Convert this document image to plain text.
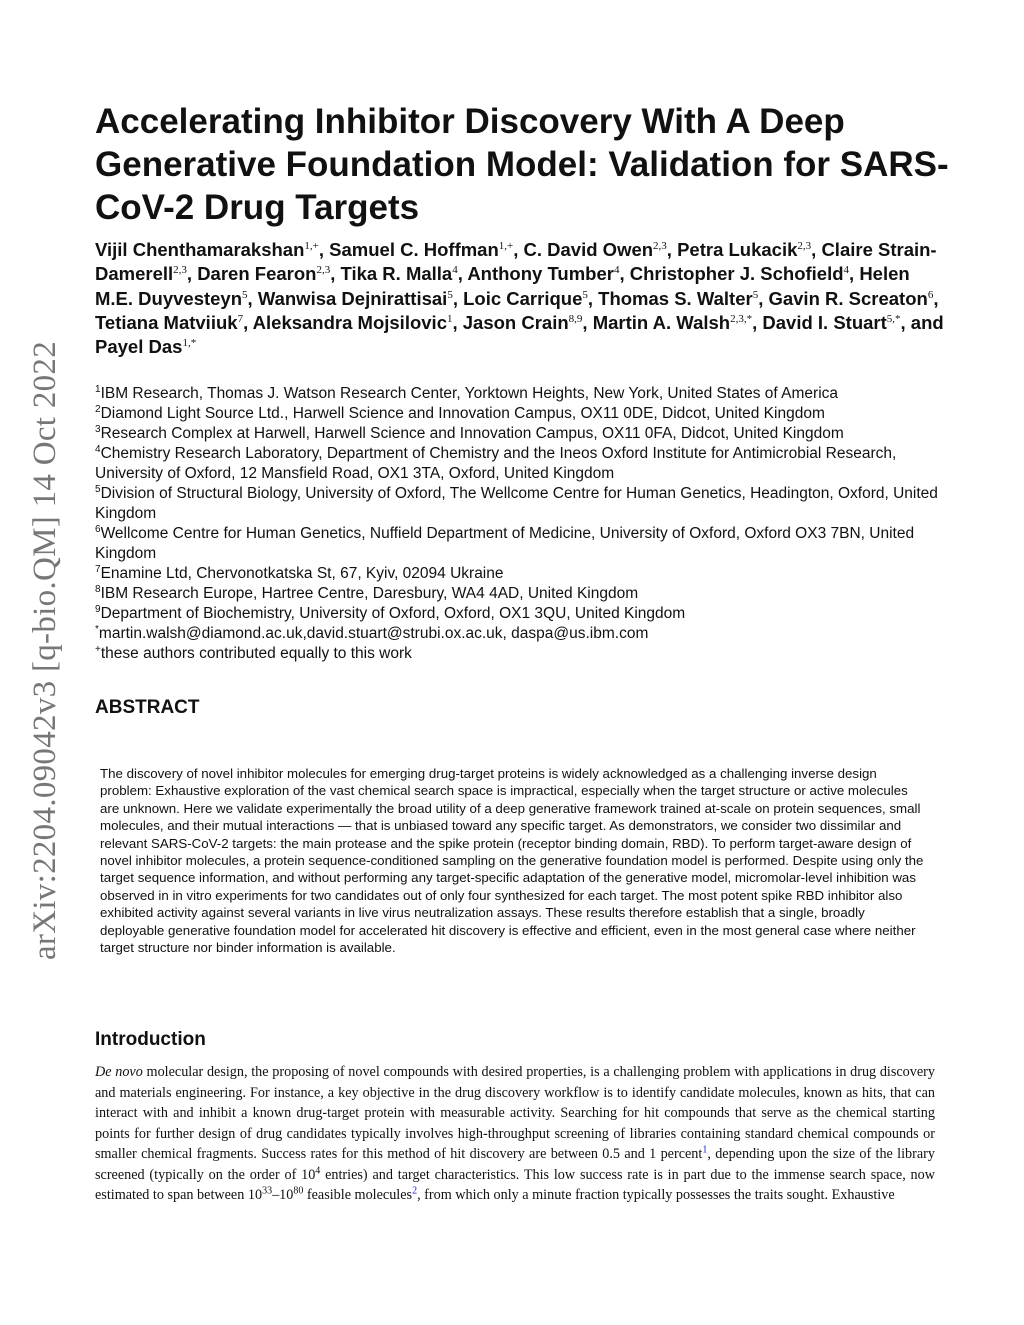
arXiv:2204.09042v3 [q-bio.QM] 14 Oct 2022
Accelerating Inhibitor Discovery With A Deep Generative Foundation Model: Validation for SARS-CoV-2 Drug Targets
Vijil Chenthamarakshan$^{1,+}$, Samuel C. Hoffman$^{1,+}$, C. David Owen$^{2,3}$, Petra Lukacik$^{2,3}$, Claire Strain-Damerell$^{2,3}$, Daren Fearon$^{2,3}$, Tika R. Malla$^4$, Anthony Tumber$^4$, Christopher J. Schofield$^4$, Helen M.E. Duyvesteyn$^5$, Wanwisa Dejnirattisai$^5$, Loic Carrique$^5$, Thomas S. Walter$^5$, Gavin R. Screaton$^6$, Tetiana Matviiuk$^7$, Aleksandra Mojsilovic$^1$, Jason Crain$^{8,9}$, Martin A. Walsh$^{2,3,*}$, David I. Stuart$^{5,*}$, and Payel Das$^{1,*}$
$^1$IBM Research, Thomas J. Watson Research Center, Yorktown Heights, New York, United States of America
$^2$Diamond Light Source Ltd., Harwell Science and Innovation Campus, OX11 0DE, Didcot, United Kingdom
$^3$Research Complex at Harwell, Harwell Science and Innovation Campus, OX11 0FA, Didcot, United Kingdom
$^4$Chemistry Research Laboratory, Department of Chemistry and the Ineos Oxford Institute for Antimicrobial Research, University of Oxford, 12 Mansfield Road, OX1 3TA, Oxford, United Kingdom
$^5$Division of Structural Biology, University of Oxford, The Wellcome Centre for Human Genetics, Headington, Oxford, United Kingdom
$^6$Wellcome Centre for Human Genetics, Nuffield Department of Medicine, University of Oxford, Oxford OX3 7BN, United Kingdom
$^7$Enamine Ltd, Chervonotkatska St, 67, Kyiv, 02094 Ukraine
$^8$IBM Research Europe, Hartree Centre, Daresbury, WA4 4AD, United Kingdom
$^9$Department of Biochemistry, University of Oxford, Oxford, OX1 3QU, United Kingdom
*martin.walsh@diamond.ac.uk,david.stuart@strubi.ox.ac.uk, daspa@us.ibm.com
+these authors contributed equally to this work
ABSTRACT

The discovery of novel inhibitor molecules for emerging drug-target proteins is widely acknowledged as a challenging inverse design problem: Exhaustive exploration of the vast chemical search space is impractical, especially when the target structure or active molecules are unknown. Here we validate experimentally the broad utility of a deep generative framework trained at-scale on protein sequences, small molecules, and their mutual interactions — that is unbiased toward any specific target. As demonstrators, we consider two dissimilar and relevant SARS-CoV-2 targets: the main protease and the spike protein (receptor binding domain, RBD). To perform target-aware design of novel inhibitor molecules, a protein sequence-conditioned sampling on the generative foundation model is performed. Despite using only the target sequence information, and without performing any target-specific adaptation of the generative model, micromolar-level inhibition was observed in in vitro experiments for two candidates out of only four synthesized for each target. The most potent spike RBD inhibitor also exhibited activity against several variants in live virus neutralization assays. These results therefore establish that a single, broadly deployable generative foundation model for accelerated hit discovery is effective and efficient, even in the most general case where neither target structure nor binder information is available.

Introduction

De novo molecular design, the proposing of novel compounds with desired properties, is a challenging problem with applications in drug discovery and materials engineering. For instance, a key objective in the drug discovery workflow is to identify candidate molecules, known as hits, that can interact with and inhibit a known drug-target protein with measurable activity. Searching for hit compounds that serve as the chemical starting points for further design of drug candidates typically involves high-throughput screening of libraries containing standard chemical compounds or smaller chemical fragments. Success rates for this method of hit discovery are between 0.5 and 1 percent$^1$, depending upon the size of the library screened (typically on the order of $10^4$ entries) and target characteristics. This low success rate is in part due to the immense search space, now estimated to span between $10^{33}-10^{80}$ feasible molecules$^2$, from which only a minute fraction typically possesses the traits sought. Exhaustive
